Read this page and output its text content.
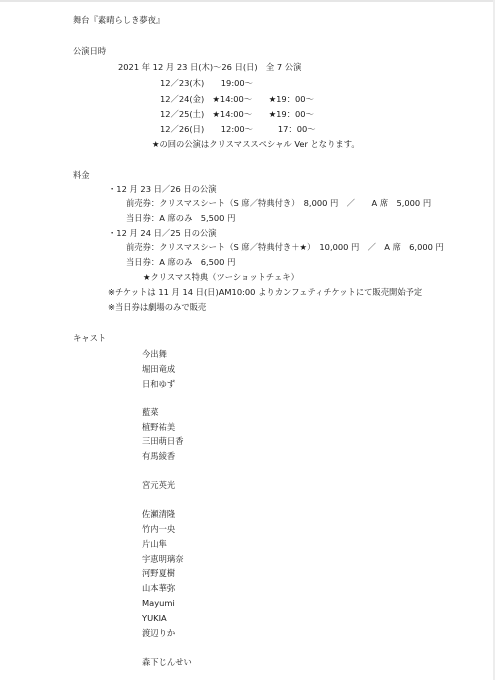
舞台『素晴らしき夢夜』
公演日時
2021 年 12 月 23 日(木)〜26 日(日)　全 7 公演
12／23(木)　　19:00〜
12／24(金)　★14:00〜　　★19：00〜
12／25(土)　★14:00〜　　★19：00〜
12／26(日)　　12:00〜　　　17：00〜
★の回の公演はクリスマススペシャル Ver となります。
料金
・12 月 23 日／26 日の公演
前売券：クリスマスシート（S 席／特典付き）　8,000 円　／　　A 席　5,000 円
当日券：A 席のみ　5,500 円
・12 月 24 日／25 日の公演
前売券：クリスマスシート（S 席／特典付き＋★）　10,000 円　／　A 席　6,000 円
当日券：A 席のみ　6,500 円
★クリスマス特典（ツーショットチェキ）
※チケットは 11 月 14 日(日)AM10:00 よりカンフェティチケットにて販売開始予定
※当日券は劇場のみで販売
キャスト
今出舞
堀田竜成
日和ゆず
藍菜
植野祐美
三田萌日香
有馬綾香
宮元英光
佐瀬清隆
竹内一央
片山隼
宇恵明璃奈
河野夏樹
山本華弥
Mayumi
YUKIA
渡辺りか
森下じんせい
